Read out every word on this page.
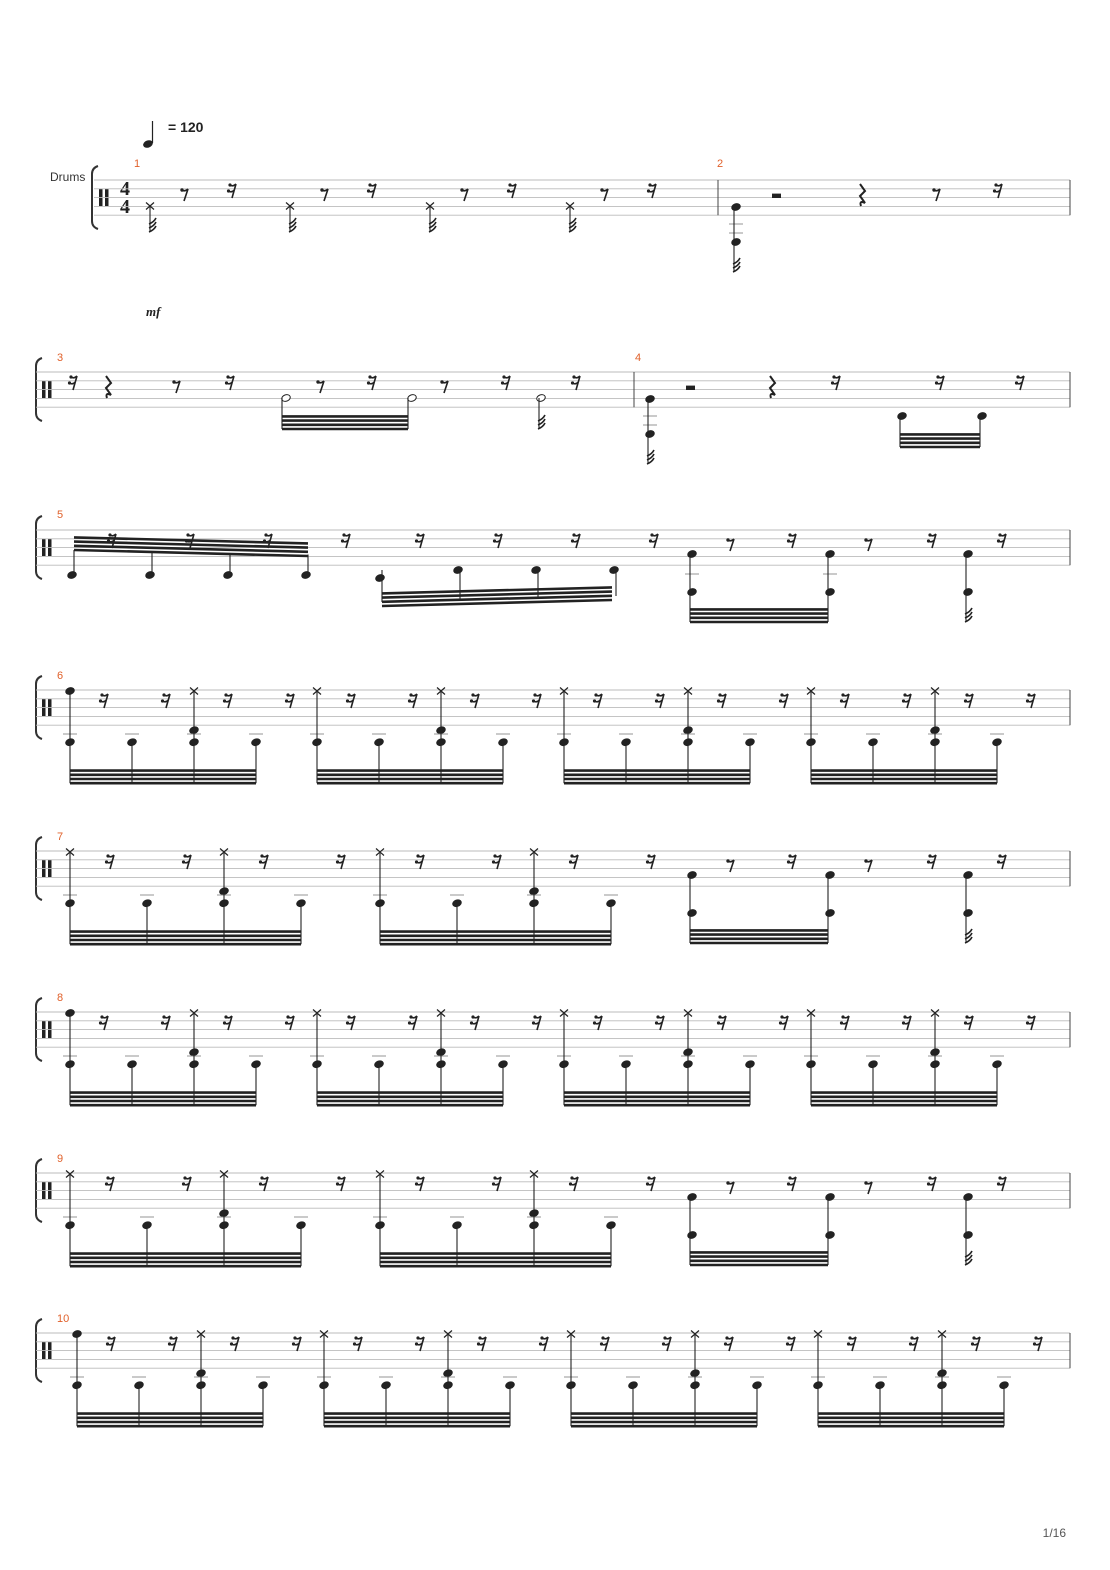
= 120
Drums
mf
1/16
1	2
3	4
5
6
7
8
9
10
4
4
